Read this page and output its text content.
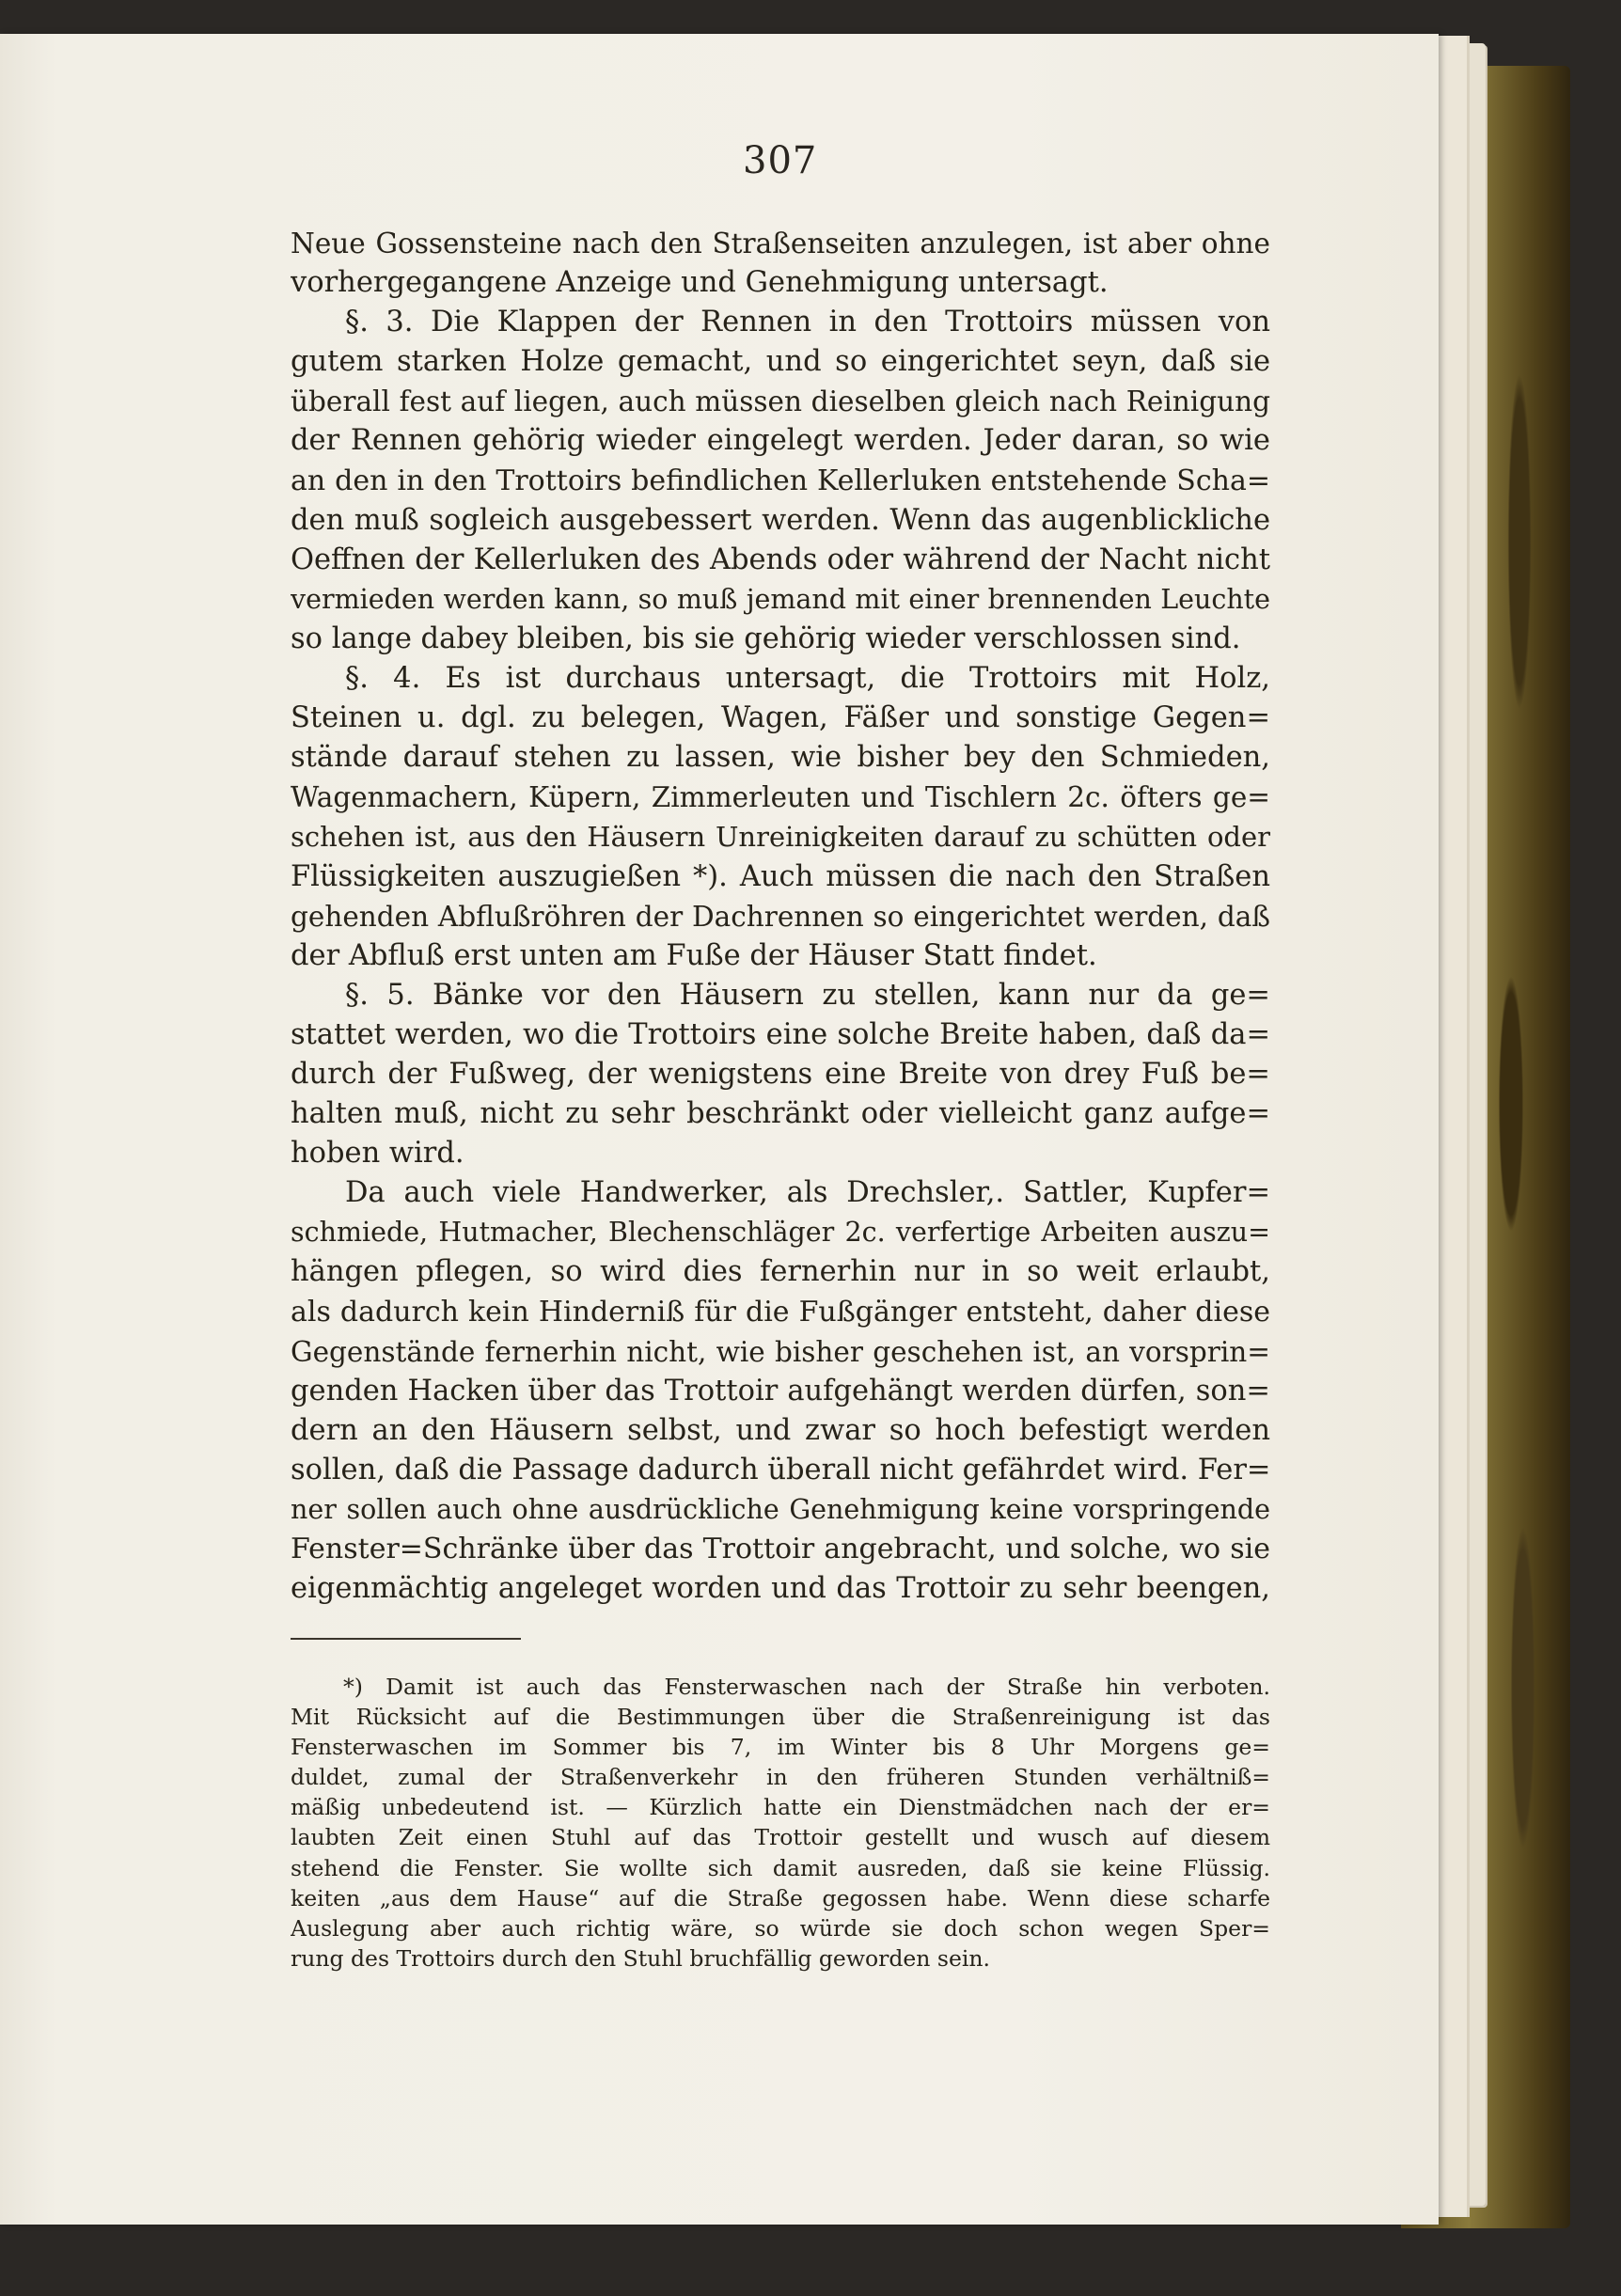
307
Neue Gossensteine nach den Straßenseiten anzulegen, ist aber ohne
vorhergegangene Anzeige und Genehmigung untersagt.
§. 3. Die Klappen der Rennen in den Trottoirs müssen von
gutem starken Holze gemacht, und so eingerichtet seyn, daß sie
überall fest auf liegen, auch müssen dieselben gleich nach Reinigung
der Rennen gehörig wieder eingelegt werden. Jeder daran, so wie
an den in den Trottoirs befindlichen Kellerluken entstehende Scha=
den muß sogleich ausgebessert werden. Wenn das augenblickliche
Oeffnen der Kellerluken des Abends oder während der Nacht nicht
vermieden werden kann, so muß jemand mit einer brennenden Leuchte
so lange dabey bleiben, bis sie gehörig wieder verschlossen sind.
§. 4. Es ist durchaus untersagt, die Trottoirs mit Holz,
Steinen u. dgl. zu belegen, Wagen, Fäßer und sonstige Gegen=
stände darauf stehen zu lassen, wie bisher bey den Schmieden,
Wagenmachern, Küpern, Zimmerleuten und Tischlern 2c. öfters ge=
schehen ist, aus den Häusern Unreinigkeiten darauf zu schütten oder
Flüssigkeiten auszugießen *). Auch müssen die nach den Straßen
gehenden Abflußröhren der Dachrennen so eingerichtet werden, daß
der Abfluß erst unten am Fuße der Häuser Statt findet.
§. 5. Bänke vor den Häusern zu stellen, kann nur da ge=
stattet werden, wo die Trottoirs eine solche Breite haben, daß da=
durch der Fußweg, der wenigstens eine Breite von drey Fuß be=
halten muß, nicht zu sehr beschränkt oder vielleicht ganz aufge=
hoben wird.
Da auch viele Handwerker, als Drechsler,. Sattler, Kupfer=
schmiede, Hutmacher, Blechenschläger 2c. verfertige Arbeiten auszu=
hängen pflegen, so wird dies fernerhin nur in so weit erlaubt,
als dadurch kein Hinderniß für die Fußgänger entsteht, daher diese
Gegenstände fernerhin nicht, wie bisher geschehen ist, an vorsprin=
genden Hacken über das Trottoir aufgehängt werden dürfen, son=
dern an den Häusern selbst, und zwar so hoch befestigt werden
sollen, daß die Passage dadurch überall nicht gefährdet wird. Fer=
ner sollen auch ohne ausdrückliche Genehmigung keine vorspringende
Fenster=Schränke über das Trottoir angebracht, und solche, wo sie
eigenmächtig angeleget worden und das Trottoir zu sehr beengen,
*) Damit ist auch das Fensterwaschen nach der Straße hin verboten.
Mit Rücksicht auf die Bestimmungen über die Straßenreinigung ist das
Fensterwaschen im Sommer bis 7, im Winter bis 8 Uhr Morgens ge=
duldet, zumal der Straßenverkehr in den früheren Stunden verhältniß=
mäßig unbedeutend ist. — Kürzlich hatte ein Dienstmädchen nach der er=
laubten Zeit einen Stuhl auf das Trottoir gestellt und wusch auf diesem
stehend die Fenster. Sie wollte sich damit ausreden, daß sie keine Flüssig.
keiten „aus dem Hause“ auf die Straße gegossen habe. Wenn diese scharfe
Auslegung aber auch richtig wäre, so würde sie doch schon wegen Sper=
rung des Trottoirs durch den Stuhl bruchfällig geworden sein.
